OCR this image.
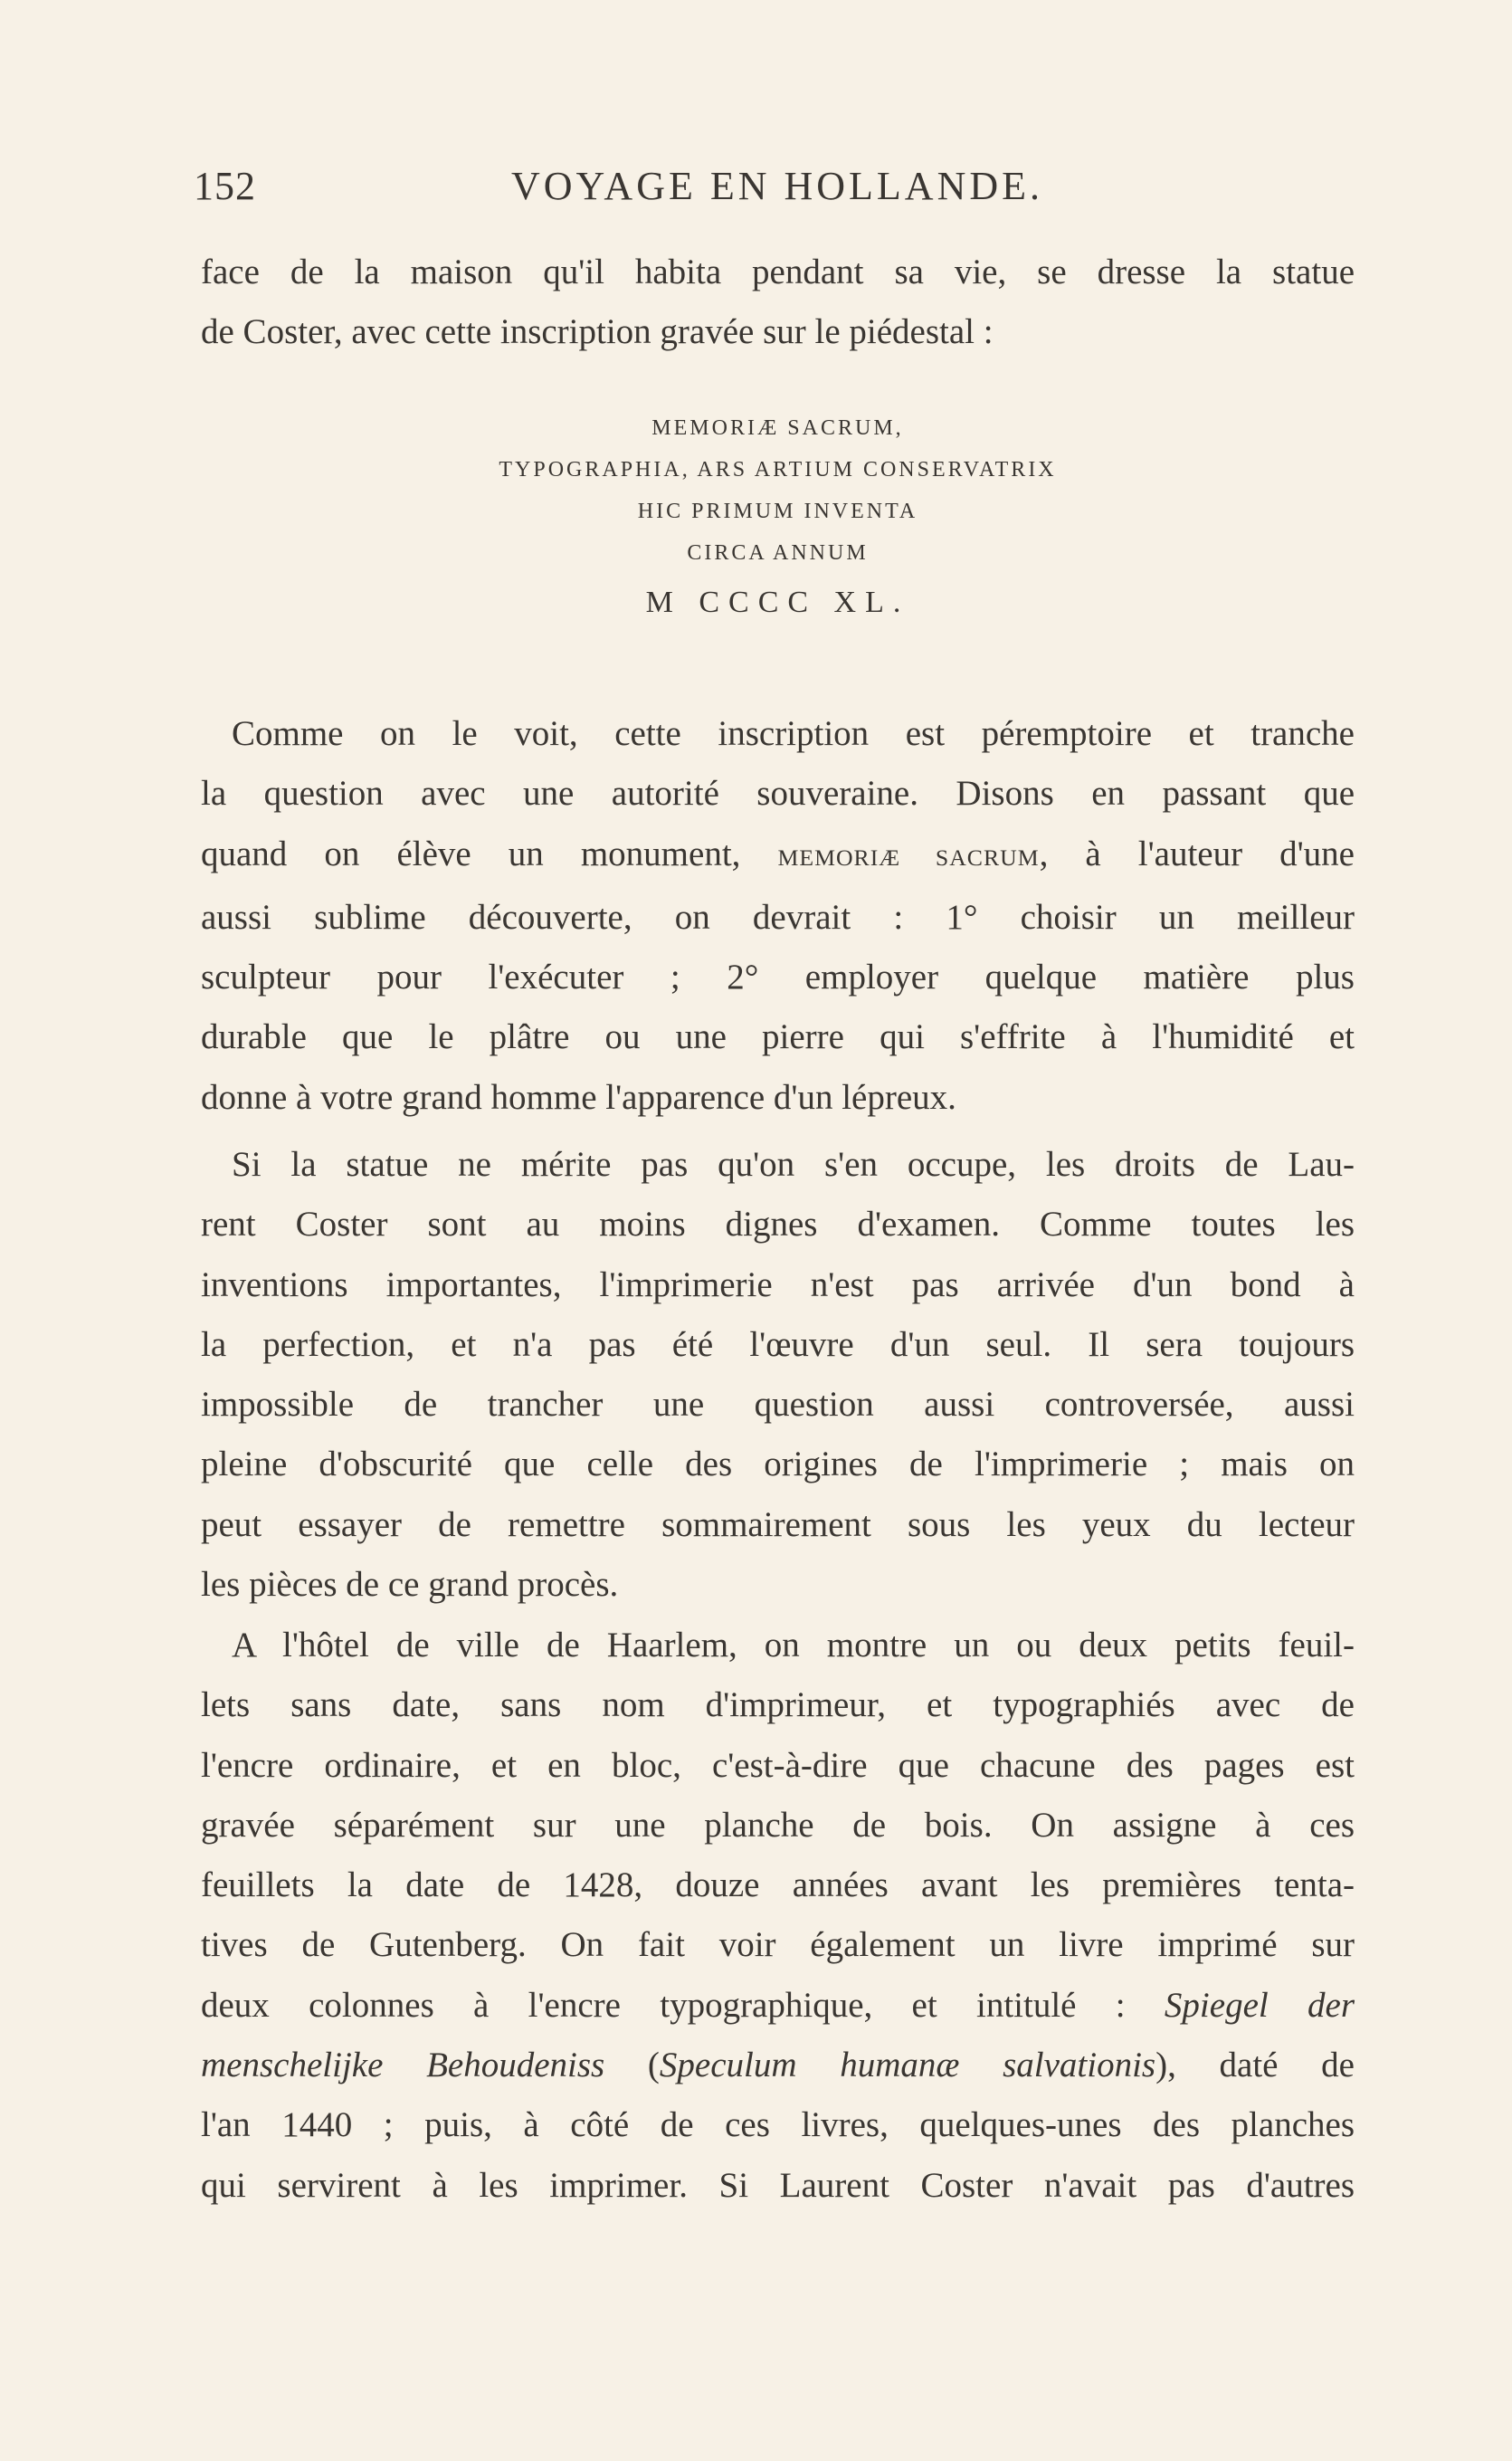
152	VOYAGE EN HOLLANDE.
face de la maison qu'il habita pendant sa vie, se dresse la statue
de Coster, avec cette inscription gravée sur le piédestal :
MEMORIÆ SACRUM,
TYPOGRAPHIA, ARS ARTIUM CONSERVATRIX
HIC PRIMUM INVENTA
CIRCA ANNUM
M CCCC XL.
Comme on le voit, cette inscription est péremptoire et tranche
la question avec une autorité souveraine. Disons en passant que
quand on élève un monument, MEMORIÆ SACRUM, à l'auteur d'une
aussi sublime découverte, on devrait : 1° choisir un meilleur
sculpteur pour l'exécuter ; 2° employer quelque matière plus
durable que le plâtre ou une pierre qui s'effrite à l'humidité et
donne à votre grand homme l'apparence d'un lépreux.
Si la statue ne mérite pas qu'on s'en occupe, les droits de Lau-
rent Coster sont au moins dignes d'examen. Comme toutes les
inventions importantes, l'imprimerie n'est pas arrivée d'un bond à
la perfection, et n'a pas été l'œuvre d'un seul. Il sera toujours
impossible de trancher une question aussi controversée, aussi
pleine d'obscurité que celle des origines de l'imprimerie ; mais on
peut essayer de remettre sommairement sous les yeux du lecteur
les pièces de ce grand procès.
A l'hôtel de ville de Haarlem, on montre un ou deux petits feuil-
lets sans date, sans nom d'imprimeur, et typographiés avec de
l'encre ordinaire, et en bloc, c'est-à-dire que chacune des pages est
gravée séparément sur une planche de bois. On assigne à ces
feuillets la date de 1428, douze années avant les premières tenta-
tives de Gutenberg. On fait voir également un livre imprimé sur
deux colonnes à l'encre typographique, et intitulé : Spiegel der
menschelijke Behoudeniss (Speculum humanæ salvationis), daté de
l'an 1440 ; puis, à côté de ces livres, quelques-unes des planches
qui servirent à les imprimer. Si Laurent Coster n'avait pas d'autres
